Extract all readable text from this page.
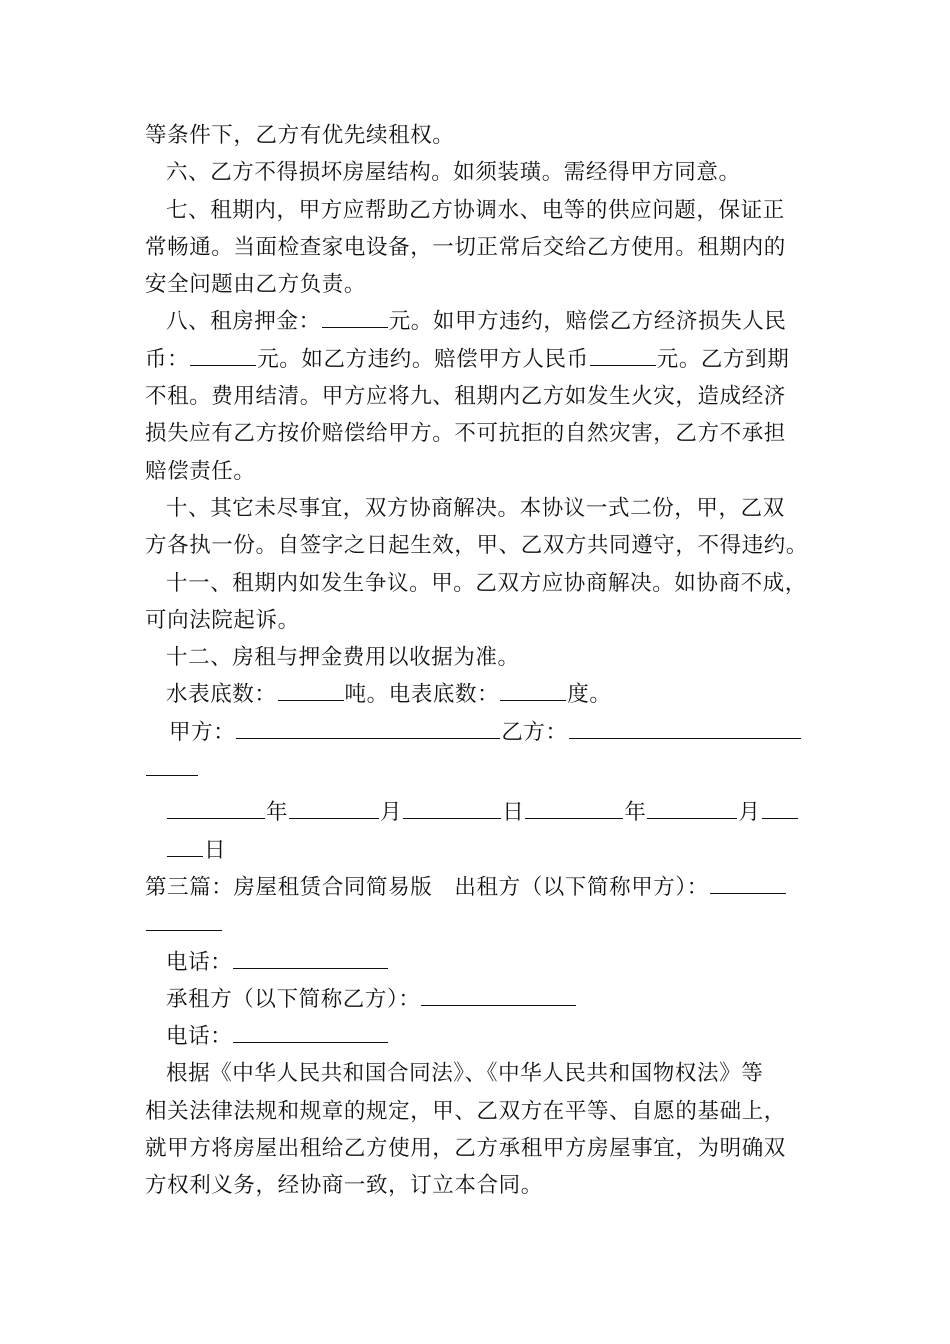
等条件下，乙方有优先续租权。
六、乙方不得损坏房屋结构。如须装璜。需经得甲方同意。
七、租期内，甲方应帮助乙方协调水、电等的供应问题，保证正
常畅通。当面检查家电设备，一切正常后交给乙方使用。租期内的
安全问题由乙方负责。
八、租房押金：	元。如甲方违约，赔偿乙方经济损失人民
币：	元。如乙方违约。赔偿甲方人民币	元。乙方到期
不租。费用结清。甲方应将九、租期内乙方如发生火灾，造成经济
损失应有乙方按价赔偿给甲方。不可抗拒的自然灾害，乙方不承担
赔偿责任。
十、其它未尽事宜，双方协商解决。本协议一式二份，甲，乙双
方各执一份。自签字之日起生效，甲、乙双方共同遵守，不得违约。
十一、租期内如发生争议。甲。乙双方应协商解决。如协商不成，
可向法院起诉。
十二、房租与押金费用以收据为准。
水表底数：	吨。电表底数：	度。
甲方：	乙方：
年	月	日	年	月
日
第三篇：房屋租赁合同简易版　出租方（以下简称甲方）：
电话：
承租方（以下简称乙方）：
电话：
根据《中华人民共和国合同法》、《中华人民共和国物权法》等
相关法律法规和规章的规定，甲、乙双方在平等、自愿的基础上，
就甲方将房屋出租给乙方使用，乙方承租甲方房屋事宜，为明确双
方权利义务，经协商一致，订立本合同。
